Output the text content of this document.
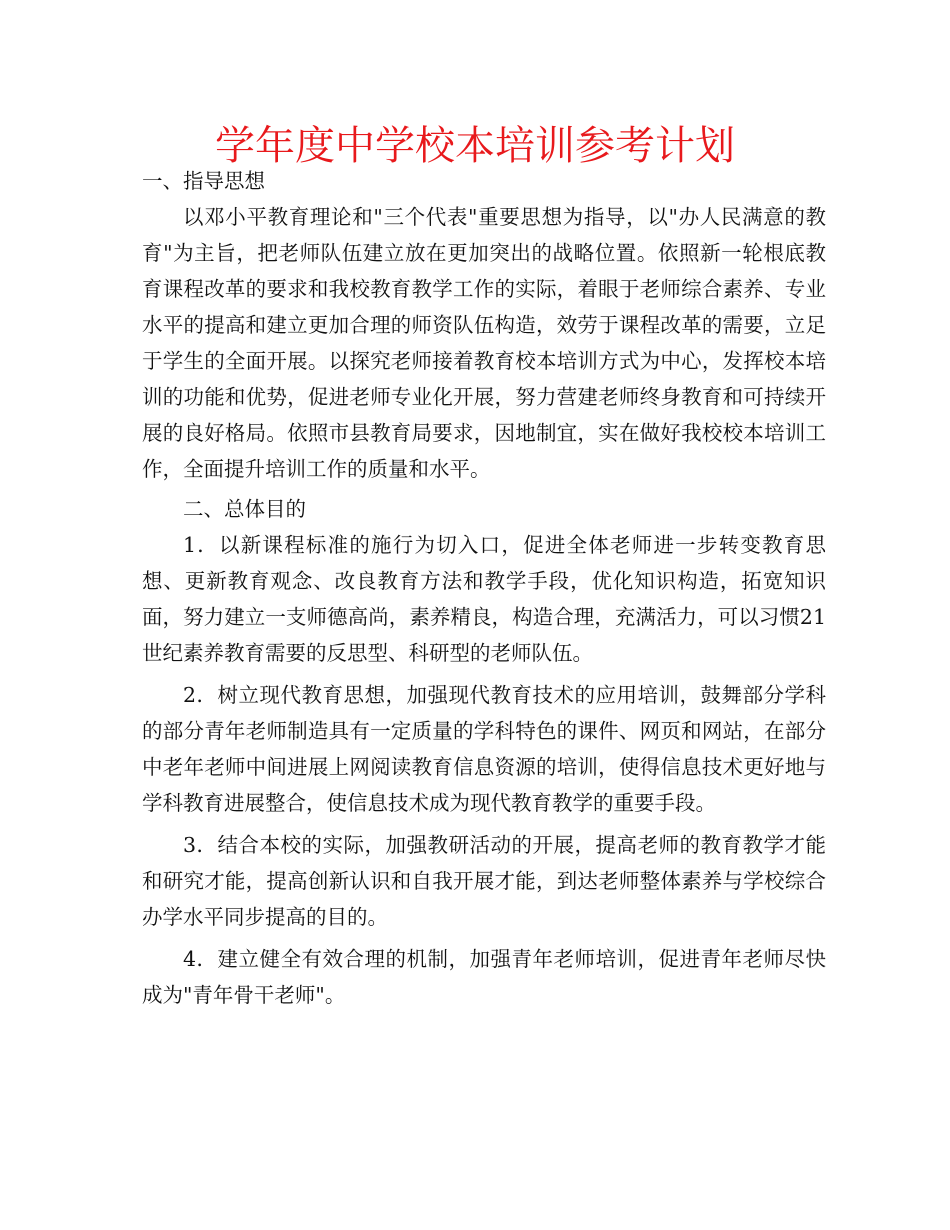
学年度中学校本培训参考计划

一、指导思想

以邓小平教育理论和"三个代表"重要思想为指导，以"办人民满意的教育"为主旨，把老师队伍建立放在更加突出的战略位置。依照新一轮根底教育课程改革的要求和我校教育教学工作的实际，着眼于老师综合素养、专业水平的提高和建立更加合理的师资队伍构造，效劳于课程改革的需要，立足于学生的全面开展。以探究老师接着教育校本培训方式为中心，发挥校本培训的功能和优势，促进老师专业化开展，努力营建老师终身教育和可持续开展的良好格局。依照市县教育局要求，因地制宜，实在做好我校校本培训工作，全面提升培训工作的质量和水平。

二、总体目的

1．以新课程标准的施行为切入口，促进全体老师进一步转变教育思想、更新教育观念、改良教育方法和教学手段，优化知识构造，拓宽知识面，努力建立一支师德高尚，素养精良，构造合理，充满活力，可以习惯21世纪素养教育需要的反思型、科研型的老师队伍。

2．树立现代教育思想，加强现代教育技术的应用培训，鼓舞部分学科的部分青年老师制造具有一定质量的学科特色的课件、网页和网站，在部分中老年老师中间进展上网阅读教育信息资源的培训，使得信息技术更好地与学科教育进展整合，使信息技术成为现代教育教学的重要手段。

3．结合本校的实际，加强教研活动的开展，提高老师的教育教学才能和研究才能，提高创新认识和自我开展才能，到达老师整体素养与学校综合办学水平同步提高的目的。

4．建立健全有效合理的机制，加强青年老师培训，促进青年老师尽快成为"青年骨干老师"。
